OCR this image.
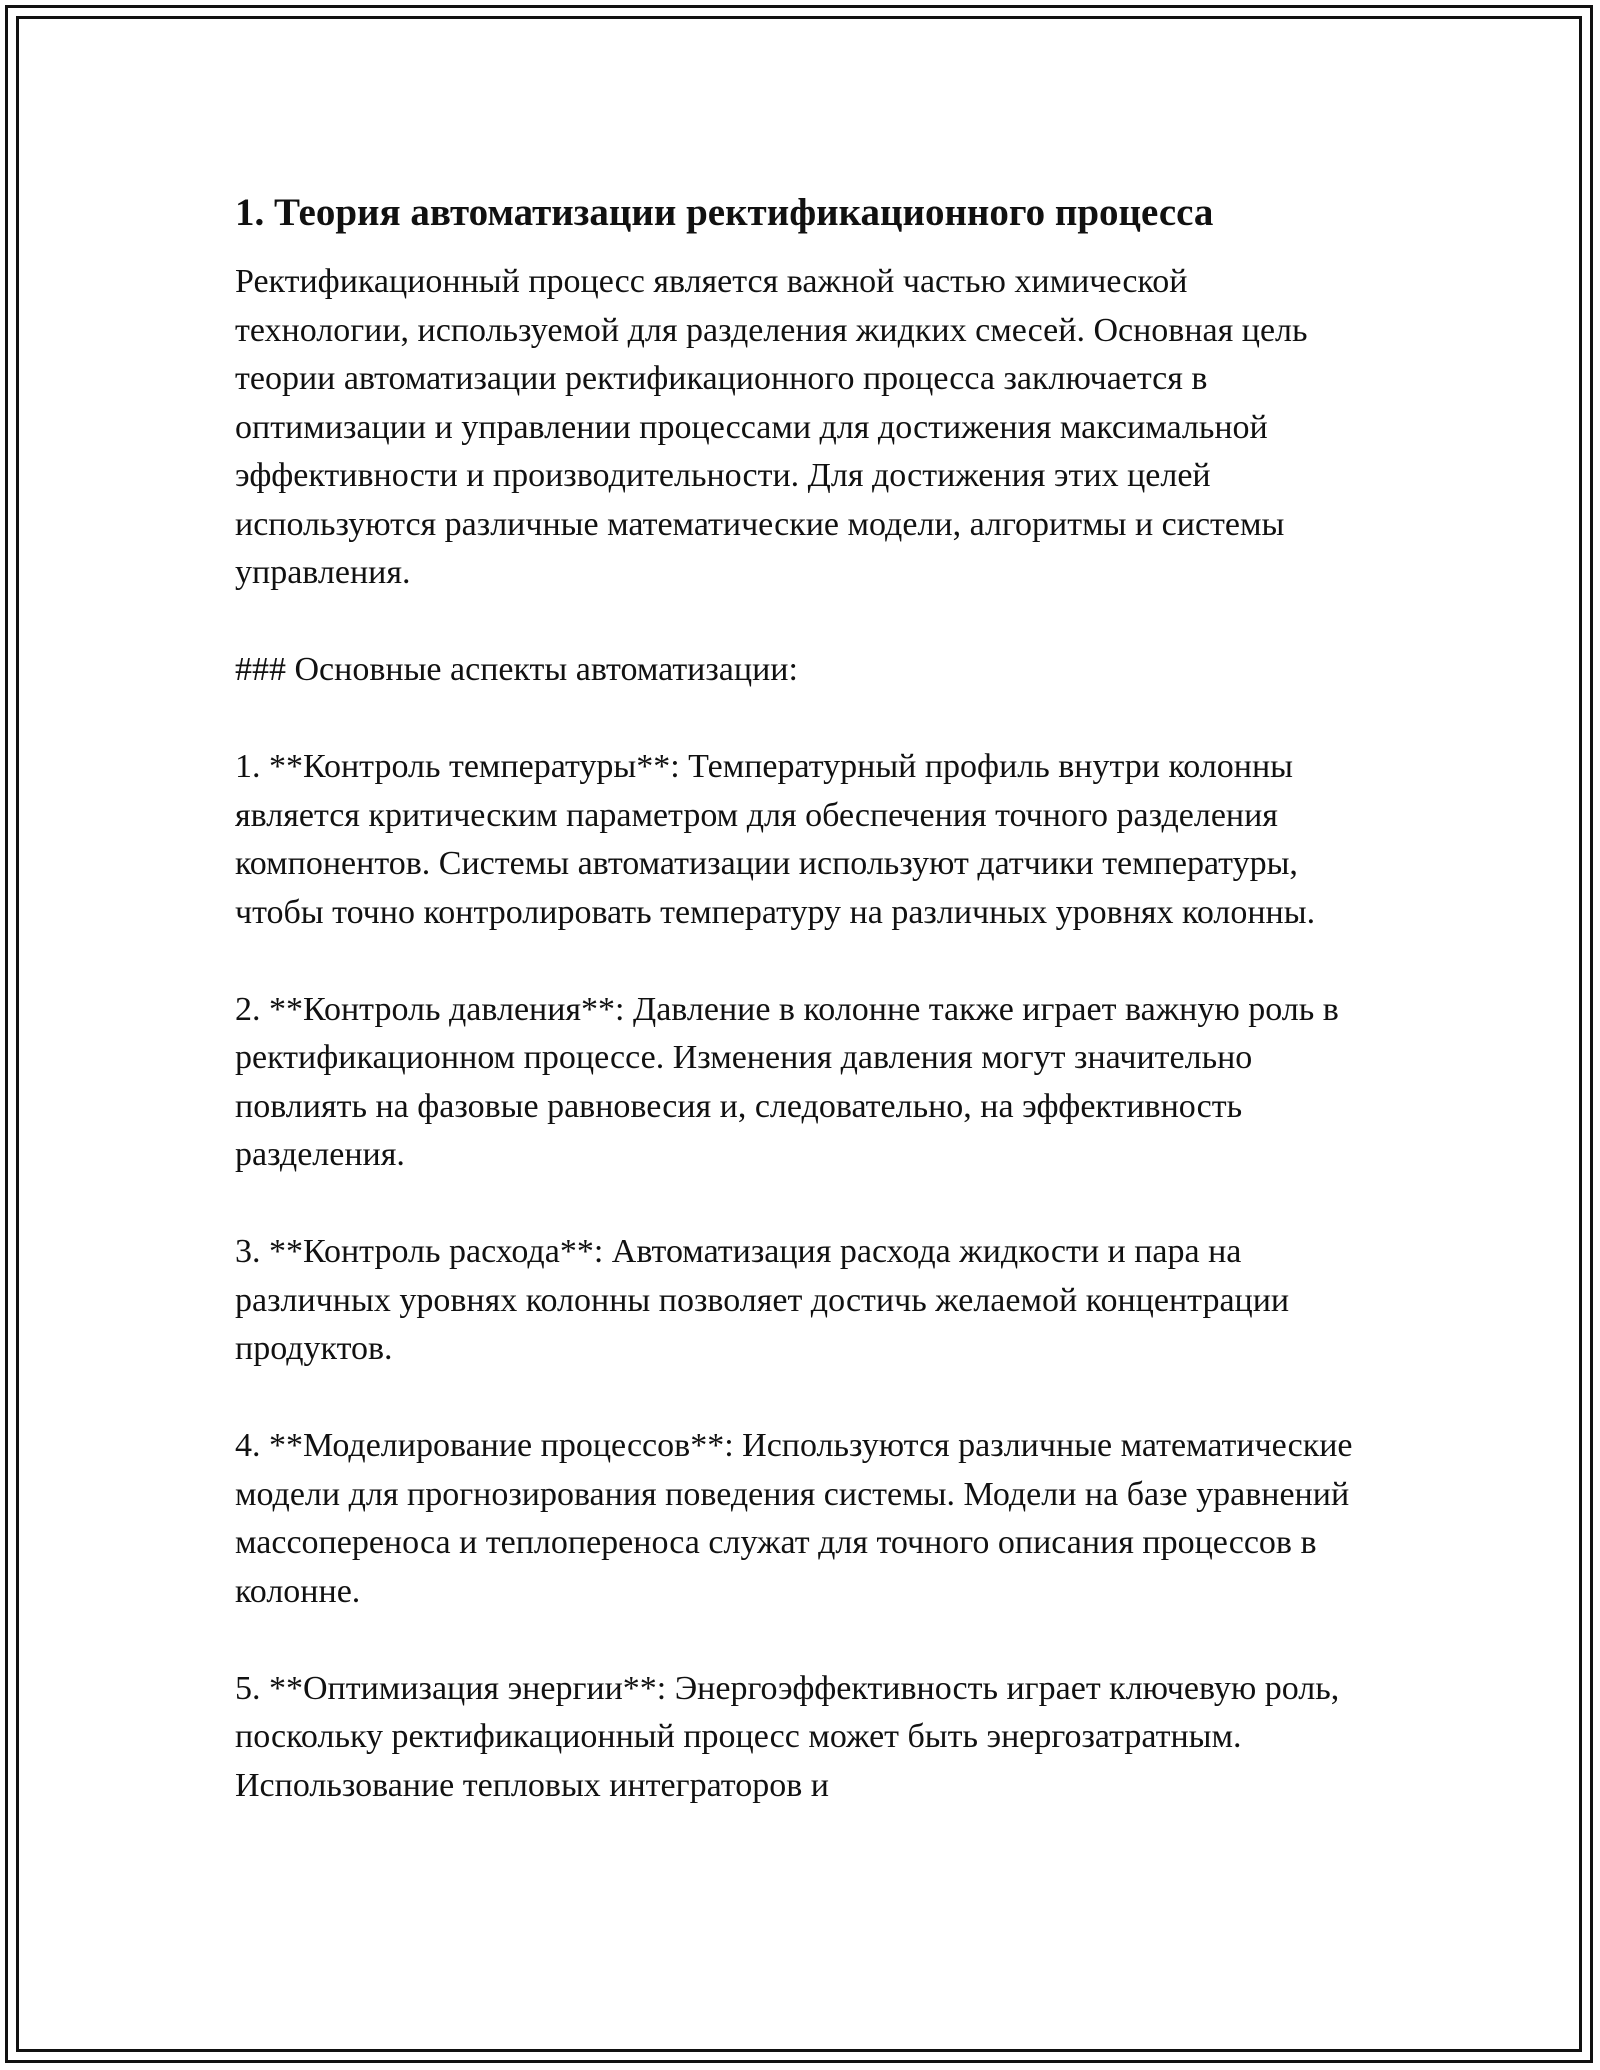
1. Теория автоматизации ректификационного процесса

Ректификационный процесс является важной частью химической технологии, используемой для разделения жидких смесей. Основная цель теории автоматизации ректификационного процесса заключается в оптимизации и управлении процессами для достижения максимальной эффективности и производительности. Для достижения этих целей используются различные математические модели, алгоритмы и системы управления.

### Основные аспекты автоматизации:

1. **Контроль температуры**: Температурный профиль внутри колонны является критическим параметром для обеспечения точного разделения компонентов. Системы автоматизации используют датчики температуры, чтобы точно контролировать температуру на различных уровнях колонны.

2. **Контроль давления**: Давление в колонне также играет важную роль в ректификационном процессе. Изменения давления могут значительно повлиять на фазовые равновесия и, следовательно, на эффективность разделения.

3. **Контроль расхода**: Автоматизация расхода жидкости и пара на различных уровнях колонны позволяет достичь желаемой концентрации продуктов.

4. **Моделирование процессов**: Используются различные математические модели для прогнозирования поведения системы. Модели на базе уравнений массопереноса и теплопереноса служат для точного описания процессов в колонне.

5. **Оптимизация энергии**: Энергоэффективность играет ключевую роль, поскольку ректификационный процесс может быть энергозатратным. Использование тепловых интеграторов и
